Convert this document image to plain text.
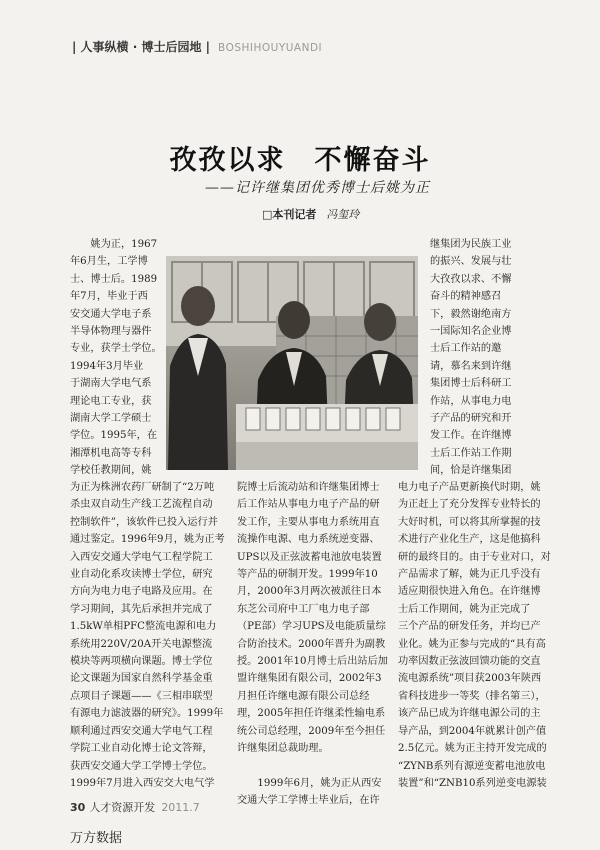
| 人事纵横 · 博士后园地 | BOSHIHOUYUANDI
孜孜以求　不懈奋斗
——记许继集团优秀博士后姚为正
□本刊记者 冯玺玲
姚为正，1967
年6月生，工学博
士、博士后。1989
年7月，毕业于西
安交通大学电子系
半导体物理与器件
专业，获学士学位。
1994年3月毕业
于湖南大学电气系
理论电工专业，获
湖南大学工学硕士
学位。1995年，在
湘潭机电高等专科
学校任教期间，姚
为正为株洲农药厂研制了“2万吨
杀虫双自动生产线工艺流程自动
控制软件”，该软件已投入运行并
通过鉴定。1996年9月，姚为正考
入西安交通大学电气工程学院工
业自动化系攻读博士学位，研究
方向为电力电子电路及应用。在
学习期间，其先后承担并完成了
1.5kW单相PFC整流电源和电力
系统用220V/20A开关电源整流
模块等两项横向课题。博士学位
论文课题为国家自然科学基金重
点项目子课题——《三相串联型
有源电力滤波器的研究》。1999年
顺利通过西安交通大学电气工程
学院工业自动化博士论文答辩，
获西安交通大学工学博士学位。
1999年7月进入西安交大电气学
院博士后流动站和许继集团博士
后工作站从事电力电子产品的研
发工作，主要从事电力系统用直
流操作电源、电力系统逆变器、
UPS以及正弦波蓄电池放电装置
等产品的研制开发。1999年10
月，2000年3月两次被派往日本
东芝公司府中工厂电力电子部
（PE部）学习UPS及电能质量综
合防治技术。2000年晋升为副教
授。2001年10月博士后出站后加
盟许继集团有限公司，2002年3
月担任许继电源有限公司总经
理，2005年担任许继柔性输电系
统公司总经理，2009年至今担任
许继集团总裁助理。

1999年6月，姚为正从西安
交通大学工学博士毕业后，在许
继集团为民族工业
的振兴、发展与壮
大孜孜以求、不懈
奋斗的精神感召
下，毅然谢绝南方
一国际知名企业博
士后工作站的邀
请，慕名来到许继
集团博士后科研工
作站，从事电力电
子产品的研究和开
发工作。在许继博
士后工作站工作期
间，恰是许继集团
电力电子产品更新换代时期，姚
为正赶上了充分发挥专业特长的
大好时机，可以将其所掌握的技
术进行产业化生产，这是他搞科
研的最终目的。由于专业对口，对
产品需求了解，姚为正几乎没有
适应期很快进入角色。在许继博
士后工作期间，姚为正完成了
三个产品的研发任务，并均已产
业化。姚为正参与完成的“具有高
功率因数正弦波回馈功能的交直
流电源系统”项目获2003年陕西
省科技进步一等奖（排名第三），
该产品已成为许继电源公司的主
导产品，到2004年就累计创产值
2.5亿元。姚为正主持开发完成的
“ZYNB系列有源逆变蓄电池放电
装置”和“ZNB10系列逆变电源装
30 人才资源开发 2011.7
万方数据
